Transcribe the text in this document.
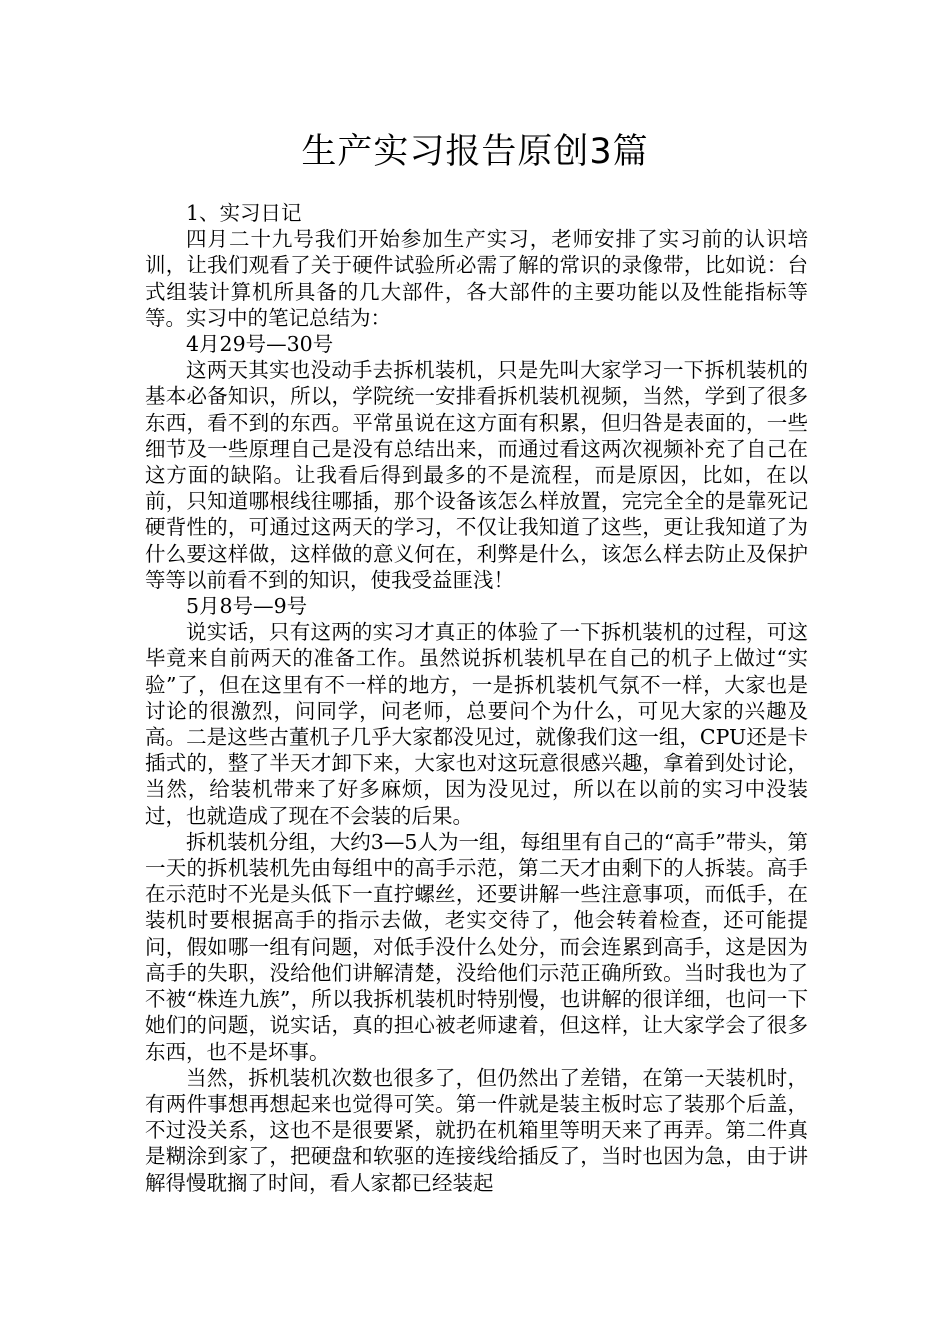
生产实习报告原创3篇

1、实习日记

四月二十九号我们开始参加生产实习，老师安排了实习前的认识培训，让我们观看了关于硬件试验所必需了解的常识的录像带，比如说：台式组装计算机所具备的几大部件，各大部件的主要功能以及性能指标等等。实习中的笔记总结为：

4月29号—30号

这两天其实也没动手去拆机装机，只是先叫大家学习一下拆机装机的基本必备知识，所以，学院统一安排看拆机装机视频，当然，学到了很多东西，看不到的东西。平常虽说在这方面有积累，但归咎是表面的，一些细节及一些原理自己是没有总结出来，而通过看这两次视频补充了自己在这方面的缺陷。让我看后得到最多的不是流程，而是原因，比如，在以前，只知道哪根线往哪插，那个设备该怎么样放置，完完全全的是靠死记硬背性的，可通过这两天的学习，不仅让我知道了这些，更让我知道了为什么要这样做，这样做的意义何在，利弊是什么，该怎么样去防止及保护等等以前看不到的知识，使我受益匪浅！

5月8号—9号

说实话，只有这两的实习才真正的体验了一下拆机装机的过程，可这毕竟来自前两天的准备工作。虽然说拆机装机早在自己的机子上做过“实验”了，但在这里有不一样的地方，一是拆机装机气氛不一样，大家也是讨论的很激烈，问同学，问老师，总要问个为什么，可见大家的兴趣及高。二是这些古董机子几乎大家都没见过，就像我们这一组，CPU还是卡插式的，整了半天才卸下来，大家也对这玩意很感兴趣，拿着到处讨论，当然，给装机带来了好多麻烦，因为没见过，所以在以前的实习中没装过，也就造成了现在不会装的后果。

拆机装机分组，大约3—5人为一组，每组里有自己的“高手”带头，第一天的拆机装机先由每组中的高手示范，第二天才由剩下的人拆装。高手在示范时不光是头低下一直拧螺丝，还要讲解一些注意事项，而低手，在装机时要根据高手的指示去做，老实交待了，他会转着检查，还可能提问，假如哪一组有问题，对低手没什么处分，而会连累到高手，这是因为高手的失职，没给他们讲解清楚，没给他们示范正确所致。当时我也为了不被“株连九族”，所以我拆机装机时特别慢，也讲解的很详细，也问一下她们的问题，说实话，真的担心被老师逮着，但这样，让大家学会了很多东西，也不是坏事。

当然，拆机装机次数也很多了，但仍然出了差错，在第一天装机时，有两件事想再想起来也觉得可笑。第一件就是装主板时忘了装那个后盖，不过没关系，这也不是很要紧，就扔在机箱里等明天来了再弄。第二件真是糊涂到家了，把硬盘和软驱的连接线给插反了，当时也因为急，由于讲解得慢耽搁了时间，看人家都已经装起
